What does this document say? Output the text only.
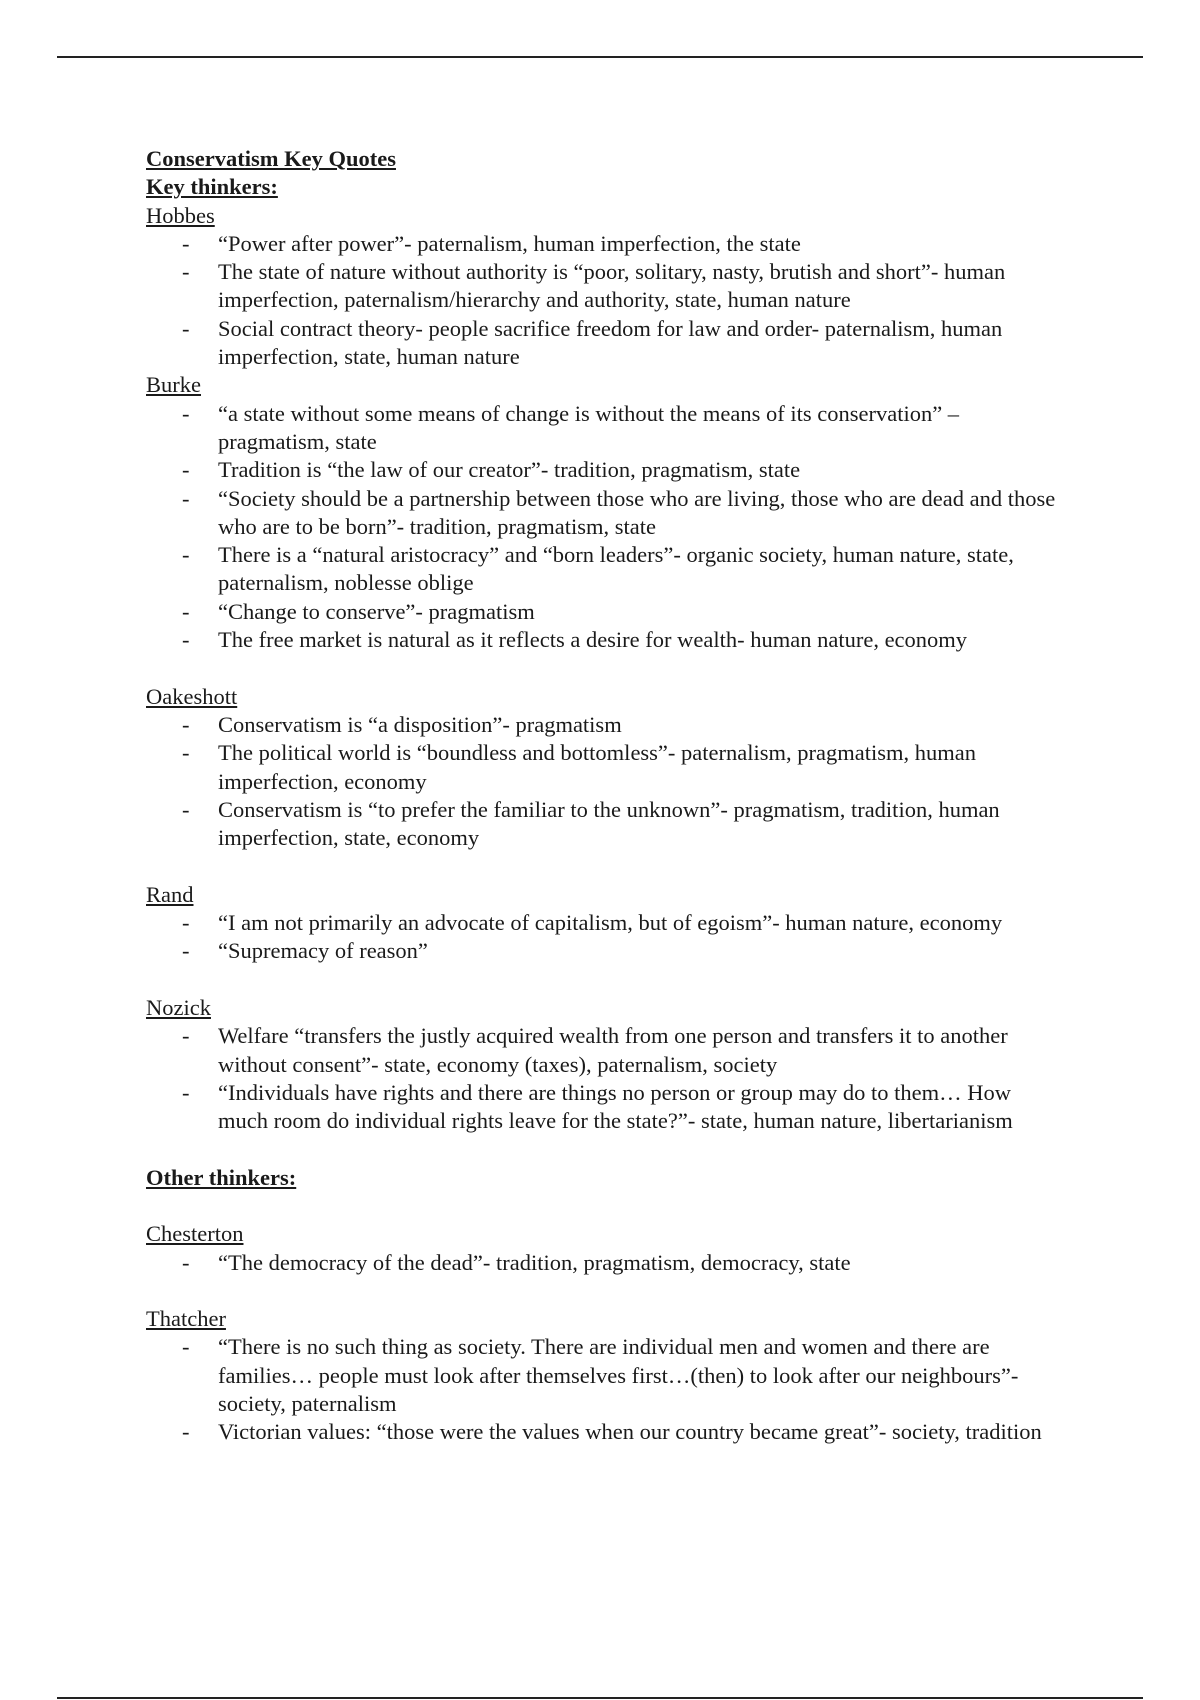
Conservatism Key Quotes

Key thinkers:

Hobbes

- “Power after power”- paternalism, human imperfection, the state
- The state of nature without authority is “poor, solitary, nasty, brutish and short”- human imperfection, paternalism/hierarchy and authority, state, human nature
- Social contract theory- people sacrifice freedom for law and order- paternalism, human imperfection, state, human nature

Burke

- “a state without some means of change is without the means of its conservation” – pragmatism, state
- Tradition is “the law of our creator”- tradition, pragmatism, state
- “Society should be a partnership between those who are living, those who are dead and those who are to be born”- tradition, pragmatism, state
- There is a “natural aristocracy” and “born leaders”- organic society, human nature, state, paternalism, noblesse oblige
- “Change to conserve”- pragmatism
- The free market is natural as it reflects a desire for wealth- human nature, economy

Oakeshott

- Conservatism is “a disposition”- pragmatism
- The political world is “boundless and bottomless”- paternalism, pragmatism, human imperfection, economy
- Conservatism is “to prefer the familiar to the unknown”- pragmatism, tradition, human imperfection, state, economy

Rand

- “I am not primarily an advocate of capitalism, but of egoism”- human nature, economy
- “Supremacy of reason”

Nozick

- Welfare “transfers the justly acquired wealth from one person and transfers it to another without consent”- state, economy (taxes), paternalism, society
- “Individuals have rights and there are things no person or group may do to them… How much room do individual rights leave for the state?”- state, human nature, libertarianism

Other thinkers:

Chesterton

- “The democracy of the dead”- tradition, pragmatism, democracy, state

Thatcher

- “There is no such thing as society. There are individual men and women and there are families… people must look after themselves first…(then) to look after our neighbours”- society, paternalism
- Victorian values: “those were the values when our country became great”- society, tradition
